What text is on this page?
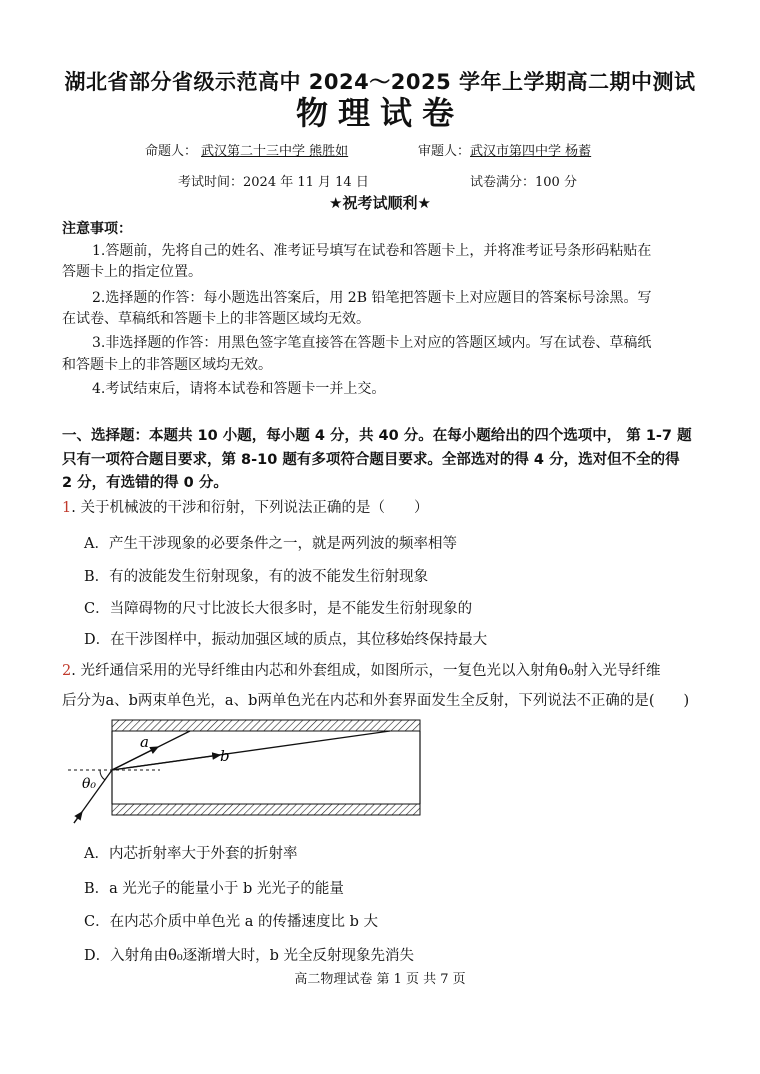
湖北省部分省级示范高中 2024～2025 学年上学期高二期中测试
物理试卷
命题人： 武汉第二十三中学 熊胜如	审题人：武汉市第四中学 杨蓄
考试时间：2024 年 11 月 14 日	试卷满分：100 分
★祝考试顺利★
注意事项：
1.答题前，先将自己的姓名、准考证号填写在试卷和答题卡上，并将准考证号条形码粘贴在
答题卡上的指定位置。
2.选择题的作答：每小题选出答案后，用 2B 铅笔把答题卡上对应题目的答案标号涂黑。写
在试卷、草稿纸和答题卡上的非答题区域均无效。
3.非选择题的作答：用黑色签字笔直接答在答题卡上对应的答题区域内。写在试卷、草稿纸
和答题卡上的非答题区域均无效。
4.考试结束后，请将本试卷和答题卡一并上交。
一、选择题：本题共 10 小题，每小题 4 分，共 40 分。在每小题给出的四个选项中， 第 1-7 题
只有一项符合题目要求，第 8-10 题有多项符合题目要求。全部选对的得 4 分，选对但不全的得
2 分，有选错的得 0 分。
1. 关于机械波的干涉和衍射，下列说法正确的是（　　）
A．产生干涉现象的必要条件之一，就是两列波的频率相等
B．有的波能发生衍射现象，有的波不能发生衍射现象
C．当障碍物的尺寸比波长大很多时，是不能发生衍射现象的
D．在干涉图样中，振动加强区域的质点，其位移始终保持最大
2. 光纤通信采用的光导纤维由内芯和外套组成，如图所示，一复色光以入射角θ₀射入光导纤维
后分为a、b两束单色光，a、b两单色光在内芯和外套界面发生全反射，下列说法不正确的是(　　)
a
b
θ₀
A．内芯折射率大于外套的折射率
B．a 光光子的能量小于 b 光光子的能量
C．在内芯介质中单色光 a 的传播速度比 b 大
D．入射角由θ₀逐渐增大时，b 光全反射现象先消失
高二物理试卷 第 1 页 共 7 页
